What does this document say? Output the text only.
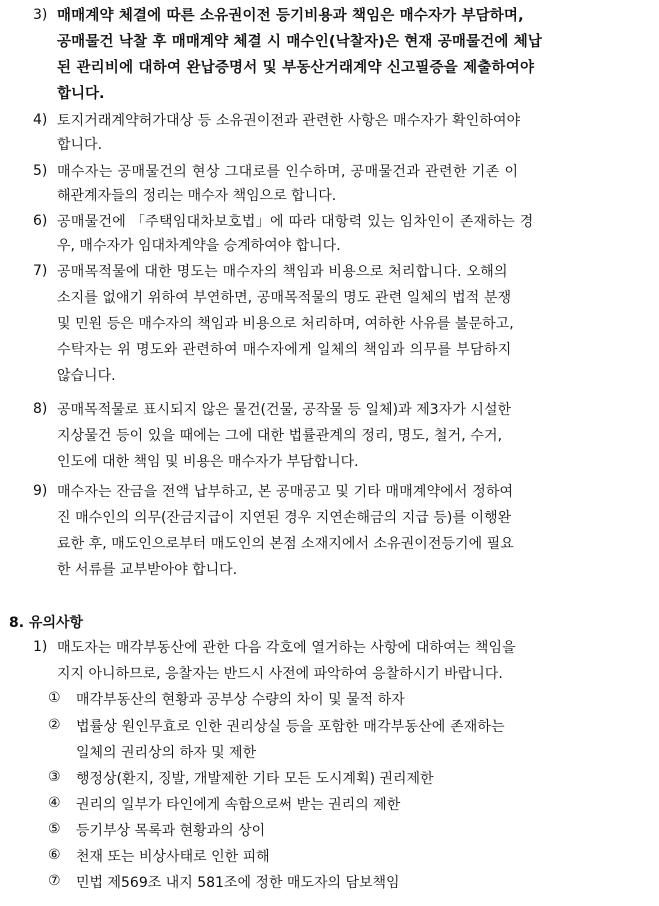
3) 매매계약 체결에 따른 소유권이전 등기비용과 책임은 매수자가 부담하며,
공매물건 낙찰 후 매매계약 체결 시 매수인(낙찰자)은 현재 공매물건에 체납
된 관리비에 대하여 완납증명서 및 부동산거래계약 신고필증을 제출하여야
합니다.
4) 토지거래계약허가대상 등 소유권이전과 관련한 사항은 매수자가 확인하여야
합니다.
5) 매수자는 공매물건의 현상 그대로를 인수하며, 공매물건과 관련한 기존 이
해관계자들의 정리는 매수자 책임으로 합니다.
6) 공매물건에 「주택임대차보호법」에 따라 대항력 있는 임차인이 존재하는 경
우, 매수자가 임대차계약을 승계하여야 합니다.
7) 공매목적물에 대한 명도는 매수자의 책임과 비용으로 처리합니다. 오해의
소지를 없애기 위하여 부연하면, 공매목적물의 명도 관련 일체의 법적 분쟁
및 민원 등은 매수자의 책임과 비용으로 처리하며, 여하한 사유를 불문하고,
수탁자는 위 명도와 관련하여 매수자에게 일체의 책임과 의무를 부담하지
않습니다.
8) 공매목적물로 표시되지 않은 물건(건물, 공작물 등 일체)과 제3자가 시설한
지상물건 등이 있을 때에는 그에 대한 법률관계의 정리, 명도, 철거, 수거,
인도에 대한 책임 및 비용은 매수자가 부담합니다.
9) 매수자는 잔금을 전액 납부하고, 본 공매공고 및 기타 매매계약에서 정하여
진 매수인의 의무(잔금지급이 지연된 경우 지연손해금의 지급 등)를 이행완
료한 후, 매도인으로부터 매도인의 본점 소재지에서 소유권이전등기에 필요
한 서류를 교부받아야 합니다.
8. 유의사항
1) 매도자는 매각부동산에 관한 다음 각호에 열거하는 사항에 대하여는 책임을
지지 아니하므로, 응찰자는 반드시 사전에 파악하여 응찰하시기 바랍니다.
① 매각부동산의 현황과 공부상 수량의 차이 및 물적 하자
② 법률상 원인무효로 인한 권리상실 등을 포함한 매각부동산에 존재하는
일체의 권리상의 하자 및 제한
③ 행정상(환지, 징발, 개발제한 기타 모든 도시계획) 권리제한
④ 권리의 일부가 타인에게 속함으로써 받는 권리의 제한
⑤ 등기부상 목록과 현황과의 상이
⑥ 천재 또는 비상사태로 인한 피해
⑦ 민법 제569조 내지 581조에 정한 매도자의 담보책임
